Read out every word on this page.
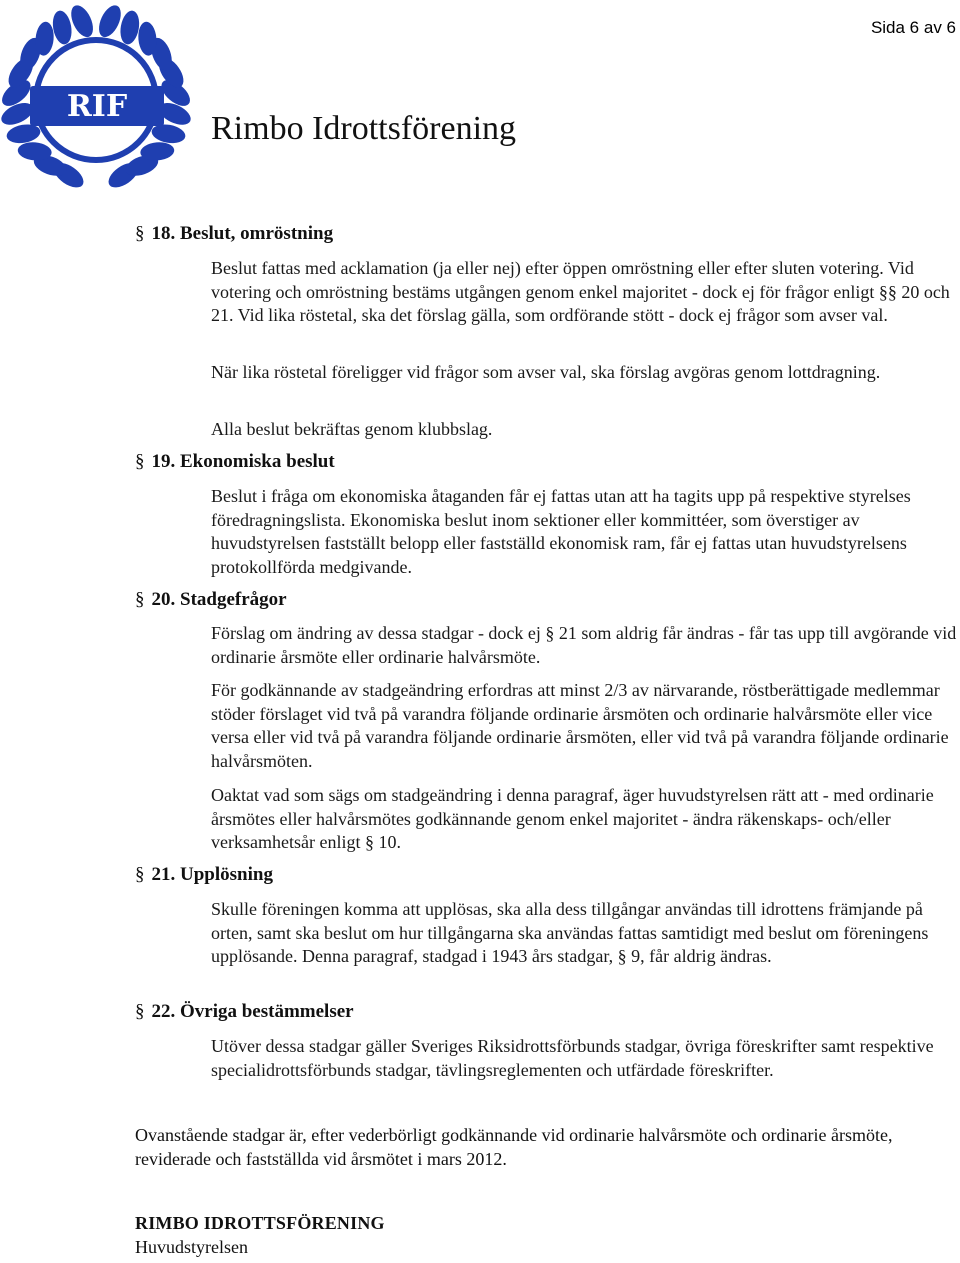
Sida 6 av 6
RIF
Rimbo Idrottsförening
§ 18. Beslut, omröstning
Beslut fattas med acklamation (ja eller nej) efter öppen omröstning eller efter sluten votering. Vid votering och omröstning bestäms utgången genom enkel majoritet - dock ej för frågor enligt §§ 20 och 21. Vid lika röstetal, ska det förslag gälla, som ordförande stött - dock ej frågor som avser val.
När lika röstetal föreligger vid frågor som avser val, ska förslag avgöras genom lottdragning.
Alla beslut bekräftas genom klubbslag.
§ 19. Ekonomiska beslut
Beslut i fråga om ekonomiska åtaganden får ej fattas utan att ha tagits upp på respektive styrelses föredragningslista. Ekonomiska beslut inom sektioner eller kommittéer, som överstiger av huvudstyrelsen fastställt belopp eller fastställd ekonomisk ram, får ej fattas utan huvudstyrelsens protokollförda medgivande.
§ 20. Stadgefrågor
Förslag om ändring av dessa stadgar - dock ej § 21 som aldrig får ändras - får tas upp till avgörande vid ordinarie årsmöte eller ordinarie halvårsmöte.
För godkännande av stadgeändring erfordras att minst 2/3 av närvarande, röstberättigade medlemmar stöder förslaget vid två på varandra följande ordinarie årsmöten och ordinarie halvårsmöte eller vice versa eller vid två på varandra följande ordinarie årsmöten, eller vid två på varandra följande ordinarie halvårsmöten.
Oaktat vad som sägs om stadgeändring i denna paragraf, äger huvudstyrelsen rätt att - med ordinarie årsmötes eller halvårsmötes godkännande genom enkel majoritet - ändra räkenskaps- och/eller verksamhetsår enligt § 10.
§ 21. Upplösning
Skulle föreningen komma att upplösas, ska alla dess tillgångar användas till idrottens främjande på orten, samt ska beslut om hur tillgångarna ska användas fattas samtidigt med beslut om föreningens upplösande. Denna paragraf, stadgad i 1943 års stadgar, § 9, får aldrig ändras.
§ 22. Övriga bestämmelser
Utöver dessa stadgar gäller Sveriges Riksidrottsförbunds stadgar, övriga föreskrifter samt respektive specialidrottsförbunds stadgar, tävlingsreglementen och utfärdade föreskrifter.
Ovanstående stadgar är, efter vederbörligt godkännande vid ordinarie halvårsmöte och ordinarie årsmöte, reviderade och fastställda vid årsmötet i mars 2012.
RIMBO IDROTTSFÖRENING
Huvudstyrelsen
